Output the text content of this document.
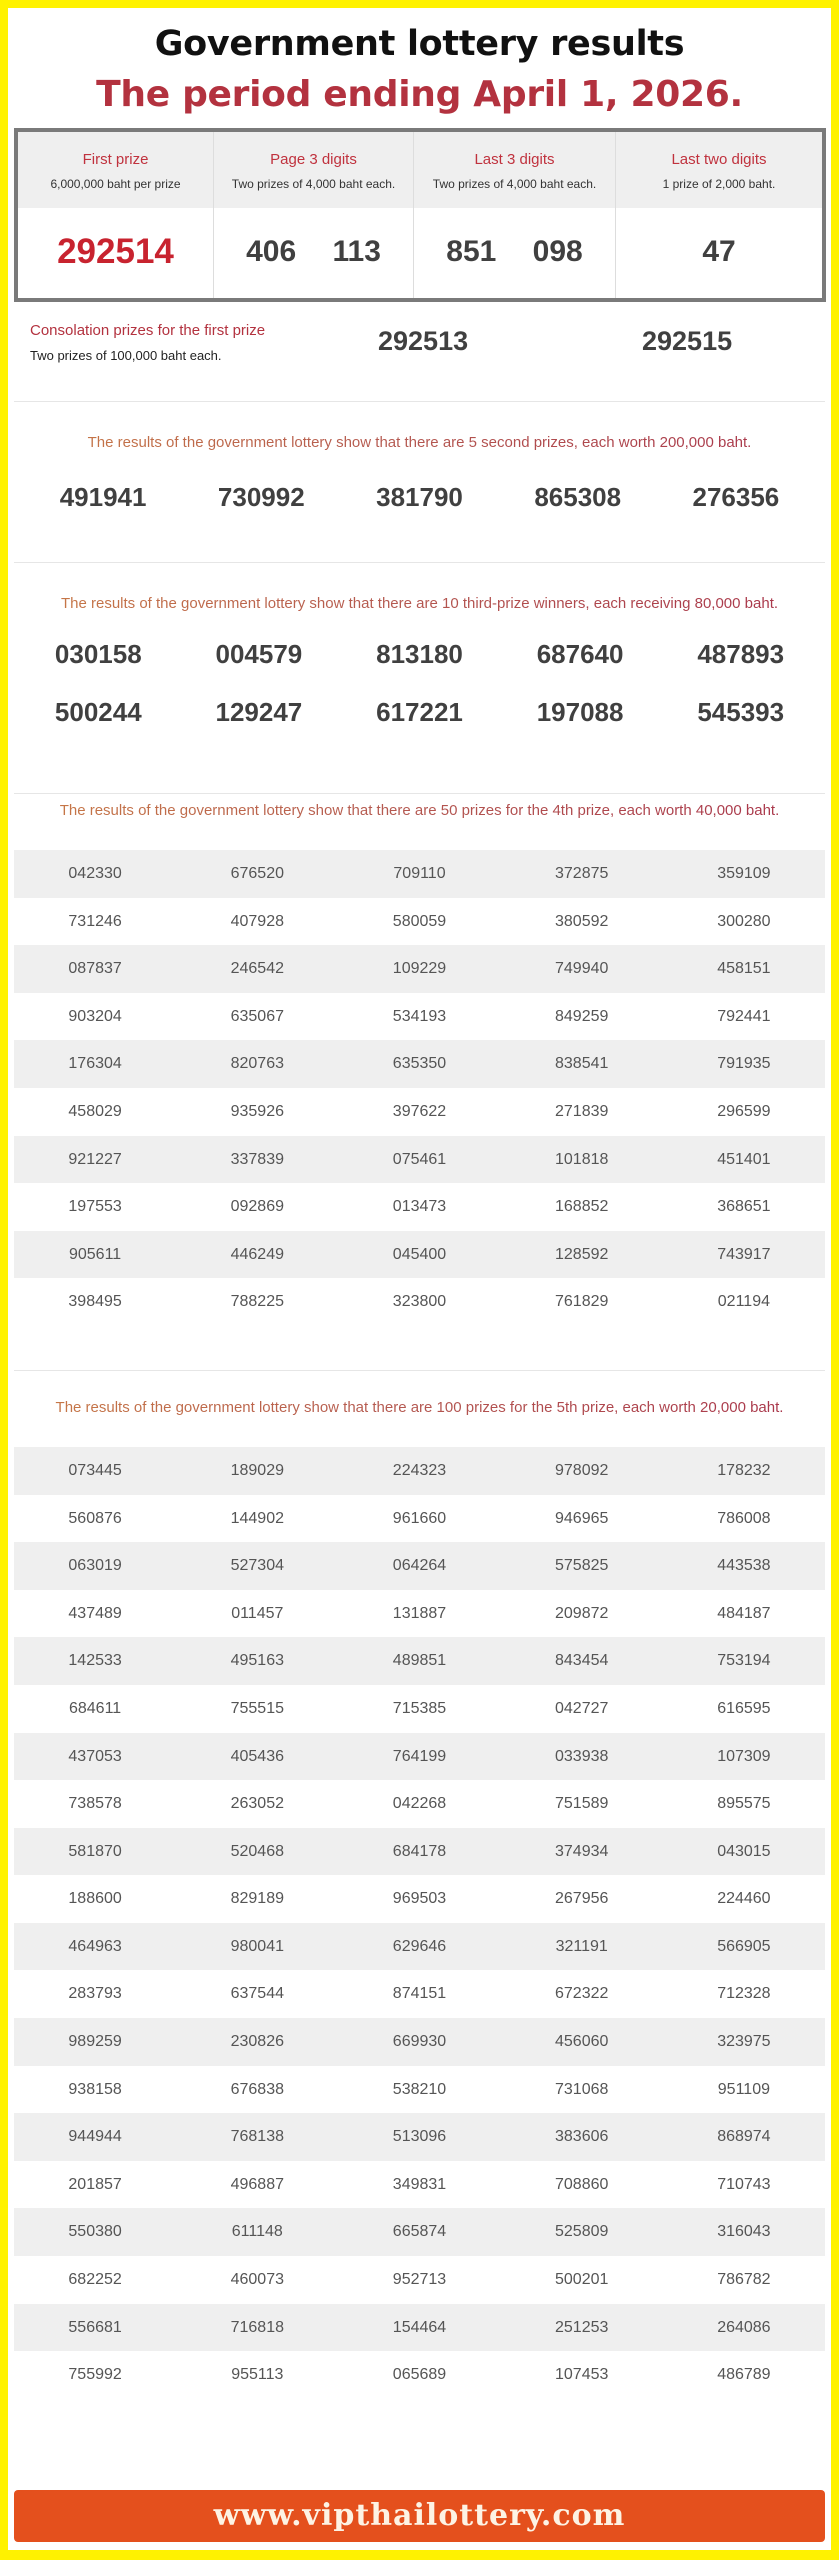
Government lottery results
The period ending April 1, 2026.
First prize
6,000,000 baht per prize
292514
Page 3 digits
Two prizes of 4,000 baht each.
406 113
Last 3 digits
Two prizes of 4,000 baht each.
851 098
Last two digits
1 prize of 2,000 baht.
47
Consolation prizes for the first prize
Two prizes of 100,000 baht each.	292513	292515
The results of the government lottery show that there are 5 second prizes, each worth 200,000 baht.
491941	730992	381790	865308	276356
The results of the government lottery show that there are 10 third-prize winners, each receiving 80,000 baht.
030158	004579	813180	687640	487893
500244	129247	617221	197088	545393
The results of the government lottery show that there are 50 prizes for the 4th prize, each worth 40,000 baht.
042330	676520	709110	372875	359109
731246	407928	580059	380592	300280
087837	246542	109229	749940	458151
903204	635067	534193	849259	792441
176304	820763	635350	838541	791935
458029	935926	397622	271839	296599
921227	337839	075461	101818	451401
197553	092869	013473	168852	368651
905611	446249	045400	128592	743917
398495	788225	323800	761829	021194
The results of the government lottery show that there are 100 prizes for the 5th prize, each worth 20,000 baht.
073445	189029	224323	978092	178232
560876	144902	961660	946965	786008
063019	527304	064264	575825	443538
437489	011457	131887	209872	484187
142533	495163	489851	843454	753194
684611	755515	715385	042727	616595
437053	405436	764199	033938	107309
738578	263052	042268	751589	895575
581870	520468	684178	374934	043015
188600	829189	969503	267956	224460
464963	980041	629646	321191	566905
283793	637544	874151	672322	712328
989259	230826	669930	456060	323975
938158	676838	538210	731068	951109
944944	768138	513096	383606	868974
201857	496887	349831	708860	710743
550380	611148	665874	525809	316043
682252	460073	952713	500201	786782
556681	716818	154464	251253	264086
755992	955113	065689	107453	486789
www.vipthailottery.com
